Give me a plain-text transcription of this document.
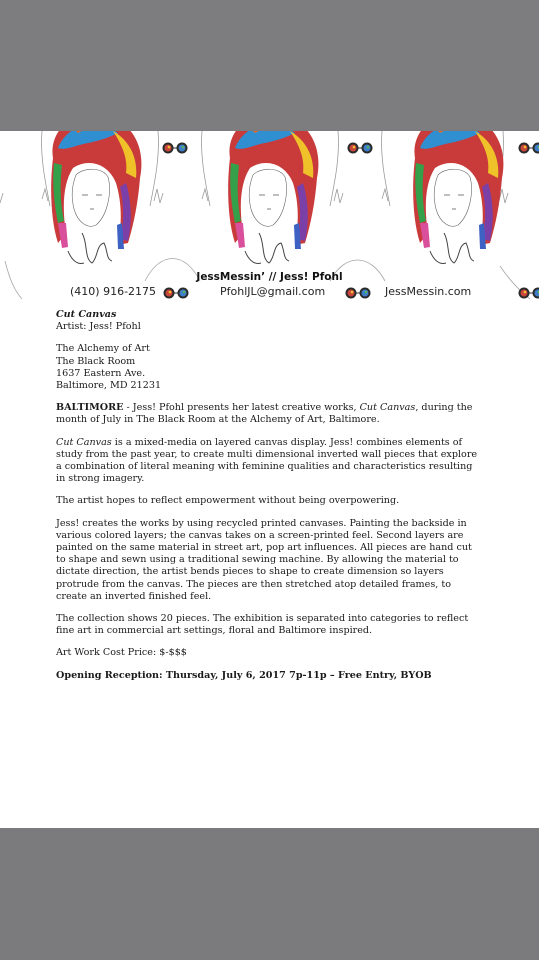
JessMessin’ // Jess! Pfohl
(410) 916-2175	PfohlJL@gmail.com	JessMessin.com

Cut Canvas
Artist: Jess! Pfohl

The Alchemy of Art
The Black Room
1637 Eastern Ave.
Baltimore, MD 21231

BALTIMORE - Jess! Pfohl presents her latest creative works, Cut Canvas, during the month of July in The Black Room at the Alchemy of Art, Baltimore.

Cut Canvas is a mixed-media on layered canvas display. Jess! combines elements of study from the past year, to create multi dimensional inverted wall pieces that explore a combination of literal meaning with feminine qualities and characteristics resulting in strong imagery.

The artist hopes to reflect empowerment without being overpowering.

Jess! creates the works by using recycled printed canvases. Painting the backside in various colored layers; the canvas takes on a screen-printed feel. Second layers are painted on the same material in street art, pop art influences. All pieces are hand cut to shape and sewn using a traditional sewing machine. By allowing the material to dictate direction, the artist bends pieces to shape to create dimension so layers protrude from the canvas. The pieces are then stretched atop detailed frames, to create an inverted finished feel.

The collection shows 20 pieces. The exhibition is separated into categories to reflect fine art in commercial art settings, floral and Baltimore inspired.

Art Work Cost Price: $-$$$

Opening Reception: Thursday, July 6, 2017 7p-11p – Free Entry, BYOB
